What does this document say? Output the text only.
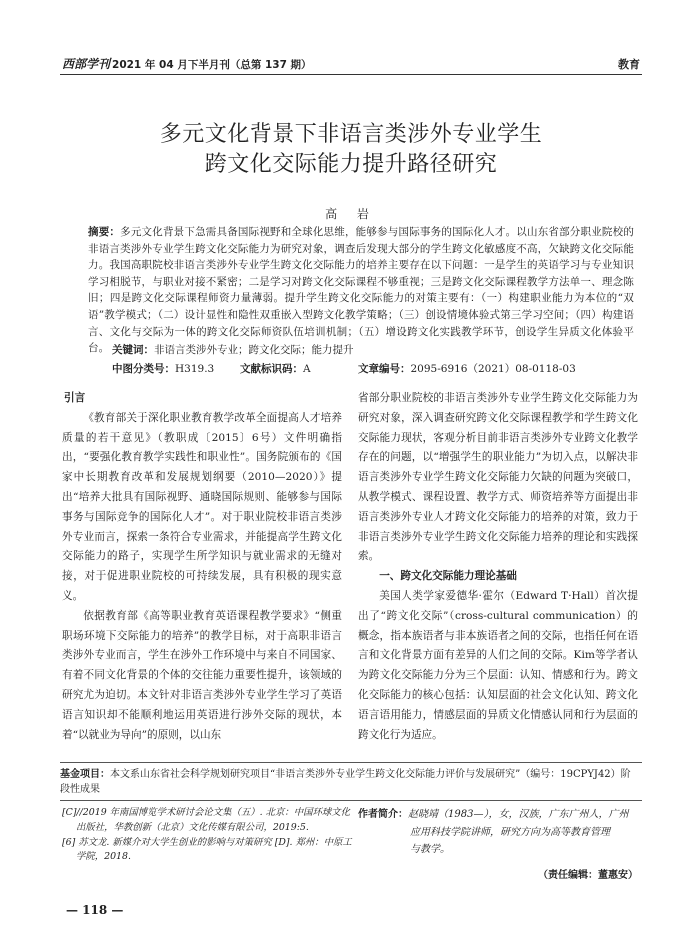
西部学刊 2021 年 04 月下半月刊（总第 137 期）	教育
多元文化背景下非语言类涉外专业学生
跨文化交际能力提升路径研究
高 岩
摘要：多元文化背景下急需具备国际视野和全球化思维，能够参与国际事务的国际化人才。以山东省部分职业院校的非语言类涉外专业学生跨文化交际能力为研究对象，调查后发现大部分的学生跨文化敏感度不高，欠缺跨文化交际能力。我国高职院校非语言类涉外专业学生跨文化交际能力的培养主要存在以下问题：一是学生的英语学习与专业知识学习相脱节，与职业对接不紧密；二是学习对跨文化交际课程不够重视；三是跨文化交际课程教学方法单一、理念陈旧；四是跨文化交际课程师资力量薄弱。提升学生跨文化交际能力的对策主要有：（一）构建职业能力为本位的“双语”教学模式；（二）设计显性和隐性双重嵌入型跨文化教学策略；（三）创设情境体验式第三学习空间；（四）构建语言、文化与交际为一体的跨文化交际师资队伍培训机制；（五）增设跨文化实践教学环节，创设学生异质文化体验平台。 关键词：非语言类涉外专业；跨文化交际；能力提升
中图分类号：H319.3 文献标识码：A	文章编号：2095-6916（2021）08-0118-03

引言

《教育部关于深化职业教育教学改革全面提高人才培养质量的若干意见》（教职成〔2015〕6号）文件明确指出，“要强化教育教学实践性和职业性”。国务院颁布的《国家中长期教育改革和发展规划纲要（2010—2020）》提出“培养大批具有国际视野、通晓国际规则、能够参与国际事务与国际竞争的国际化人才”。对于职业院校非语言类涉外专业而言，探索一条符合专业需求，并能提高学生跨文化交际能力的路子，实现学生所学知识与就业需求的无缝对接，对于促进职业院校的可持续发展，具有积极的现实意义。

依据教育部《高等职业教育英语课程教学要求》“侧重职场环境下交际能力的培养”的教学目标，对于高职非语言类涉外专业而言，学生在涉外工作环境中与来自不同国家、有着不同文化背景的个体的交往能力重要性提升，该领域的研究尤为迫切。本文针对非语言类涉外专业学生学习了英语语言知识却不能顺利地运用英语进行涉外交际的现状，本着“以就业为导向”的原则，以山东

省部分职业院校的非语言类涉外专业学生跨文化交际能力为研究对象，深入调查研究跨文化交际课程教学和学生跨文化交际能力现状，客观分析目前非语言类涉外专业跨文化教学存在的问题，以“增强学生的职业能力”为切入点，以解决非语言类涉外专业学生跨文化交际能力欠缺的问题为突破口，从教学模式、课程设置、教学方式、师资培养等方面提出非语言类涉外专业人才跨文化交际能力的培养的对策，致力于非语言类涉外专业学生跨文化交际能力培养的理论和实践探索。

一、跨文化交际能力理论基础

美国人类学家爱德华·霍尔（Edward T·Hall）首次提出了“跨文化交际”（cross-cultural communication）的概念，指本族语者与非本族语者之间的交际，也指任何在语言和文化背景方面有差异的人们之间的交际。Kim等学者认为跨文化交际能力分为三个层面：认知、情感和行为。跨文化交际能力的核心包括：认知层面的社会文化认知、跨文化语言语用能力，情感层面的异质文化情感认同和行为层面的跨文化行为适应。

基金项目：本文系山东省社会科学规划研究项目“非语言类涉外专业学生跨文化交际能力评价与发展研究”（编号：19CPYJ42）阶段性成果
[C]//2019 年南国博览学术研讨会论文集（五）. 北京：中国环球文化出版社，华教创新（北京）文化传媒有限公司，2019:5.
[6] 苏文龙. 新媒介对大学生创业的影响与对策研究 [D]. 郑州：中原工学院，2018.
作者简介：赵晓靖（1983—），女，汉族，广东广州人，广州
应用科技学院讲师，研究方向为高等教育管理
与教学。
（责任编辑：董惠安）
— 118 —
